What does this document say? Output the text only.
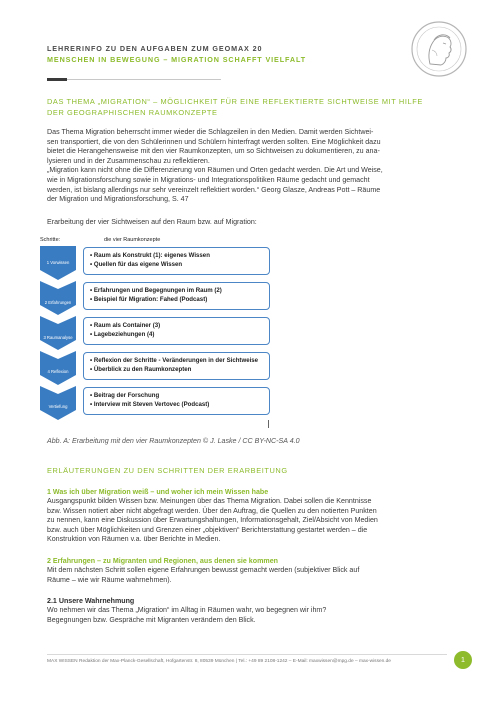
LEHRERINFO ZU DEN AUFGABEN ZUM GEOMAX 20
MENSCHEN IN BEWEGUNG – MIGRATION SCHAFFT VIELFALT
DAS THEMA „MIGRATION“ – MÖGLICHKEIT FÜR EINE REFLEKTIERTE SICHTWEISE MIT HILFE
DER GEOGRAPHISCHEN RAUMKONZEPTE
Das Thema Migration beherrscht immer wieder die Schlagzeilen in den Medien. Damit werden Sichtwei-
sen transportiert, die von den Schülerinnen und Schülern hinterfragt werden sollten. Eine Möglichkeit dazu
bietet die Herangehensweise mit den vier Raumkonzepten, um so Sichtweisen zu dokumentieren, zu ana-
lysieren und in der Zusammenschau zu reflektieren.
„Migration kann nicht ohne die Differenzierung von Räumen und Orten gedacht werden. Die Art und Weise,
wie in Migrationsforschung sowie in Migrations- und Integrationspolitiken Räume gedacht und gemacht
werden, ist bislang allerdings nur sehr vereinzelt reflektiert worden.“ Georg Glasze, Andreas Pott – Räume
der Migration und Migrationsforschung, S. 47
Erarbeitung der vier Sichtweisen auf den Raum bzw. auf Migration:
Schritte:	die vier Raumkonzepte
1 Vorwissen
• Raum als Konstrukt (1): eigenes Wissen
• Quellen für das eigene Wissen
2 Erfahrungen
• Erfahrungen und Begegnungen im Raum (2)
• Beispiel für Migration: Fahed (Podcast)
3 Raumanalyse
• Raum als Container (3)
• Lagebeziehungen (4)
4 Reflexion
• Reflexion der Schritte - Veränderungen in der Sichtweise
• Überblick zu den Raumkonzepten
Vertiefung
• Beitrag der Forschung
• Interview mit Steven Vertovec (Podcast)
Abb. A: Erarbeitung mit den vier Raumkonzepten © J. Laske / CC BY-NC-SA 4.0
ERLÄUTERUNGEN ZU DEN SCHRITTEN DER ERARBEITUNG
1 Was ich über Migration weiß – und woher ich mein Wissen habe
Ausgangspunkt bilden Wissen bzw. Meinungen über das Thema Migration. Dabei sollen die Kenntnisse
bzw. Wissen notiert aber nicht abgefragt werden. Über den Auftrag, die Quellen zu den notierten Punkten
zu nennen, kann eine Diskussion über Erwartungshaltungen, Informationsgehalt, Ziel/Absicht von Medien
bzw. auch über Möglichkeiten und Grenzen einer „objektiven“ Berichterstattung gestartet werden – die
Konstruktion von Räumen v.a. über Berichte in Medien.
2 Erfahrungen – zu Migranten und Regionen, aus denen sie kommen
Mit dem nächsten Schritt sollen eigene Erfahrungen bewusst gemacht werden (subjektiver Blick auf
Räume – wie wir Räume wahrnehmen).
2.1 Unsere Wahrnehmung
Wo nehmen wir das Thema „Migration“ im Alltag in Räumen wahr, wo begegnen wir ihm?
Begegnungen bzw. Gespräche mit Migranten verändern den Blick.
MAX WISSEN Redaktion der Max-Planck-Gesellschaft, Hofgartenstr. 8, 80539 München | Tel.: +49 89 2108-1242 – E-Mail: maxwissen@mpg.de – max-wissen.de	1
